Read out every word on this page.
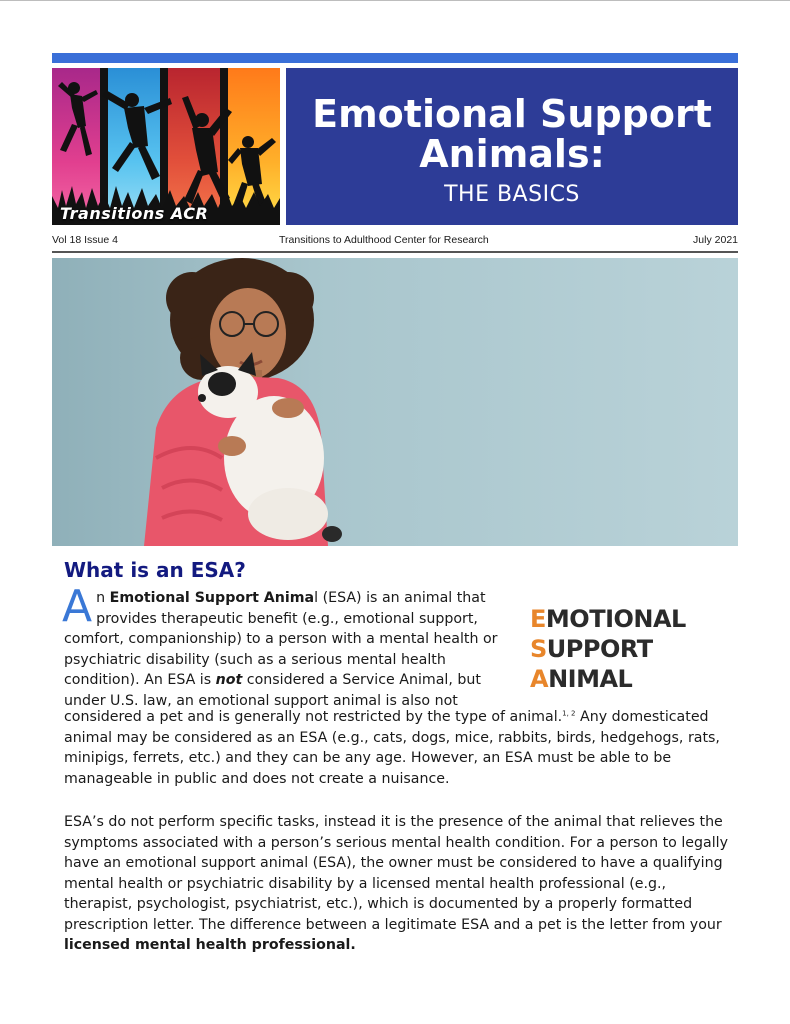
Transitions ACR
Emotional Support
Animals:
THE BASICS
Vol 18 Issue 4	Transitions to Adulthood Center for Research	July 2021
What is an ESA?
An Emotional Support Animal (ESA) is an animal that provides therapeutic benefit (e.g., emotional support, comfort, companionship) to a person with a mental health or psychiatric disability (such as a serious mental health condition). An ESA is not considered a Service Animal, but under U.S. law, an emotional support animal is also not
considered a pet and is generally not restricted by the type of animal.$^{1, 2}$ Any domesticated animal may be considered as an ESA (e.g., cats, dogs, mice, rabbits, birds, hedgehogs, rats, minipigs, ferrets, etc.) and they can be any age. However, an ESA must be able to be manageable in public and does not create a nuisance.
EMOTIONAL
SUPPORT
ANIMAL
ESA’s do not perform specific tasks, instead it is the presence of the animal that relieves the symptoms associated with a person’s serious mental health condition. For a person to legally have an emotional support animal (ESA), the owner must be considered to have a qualifying mental health or psychiatric disability by a licensed mental health professional (e.g., therapist, psychologist, psychiatrist, etc.), which is documented by a properly formatted prescription letter. The difference between a legitimate ESA and a pet is the letter from your licensed mental health professional.
